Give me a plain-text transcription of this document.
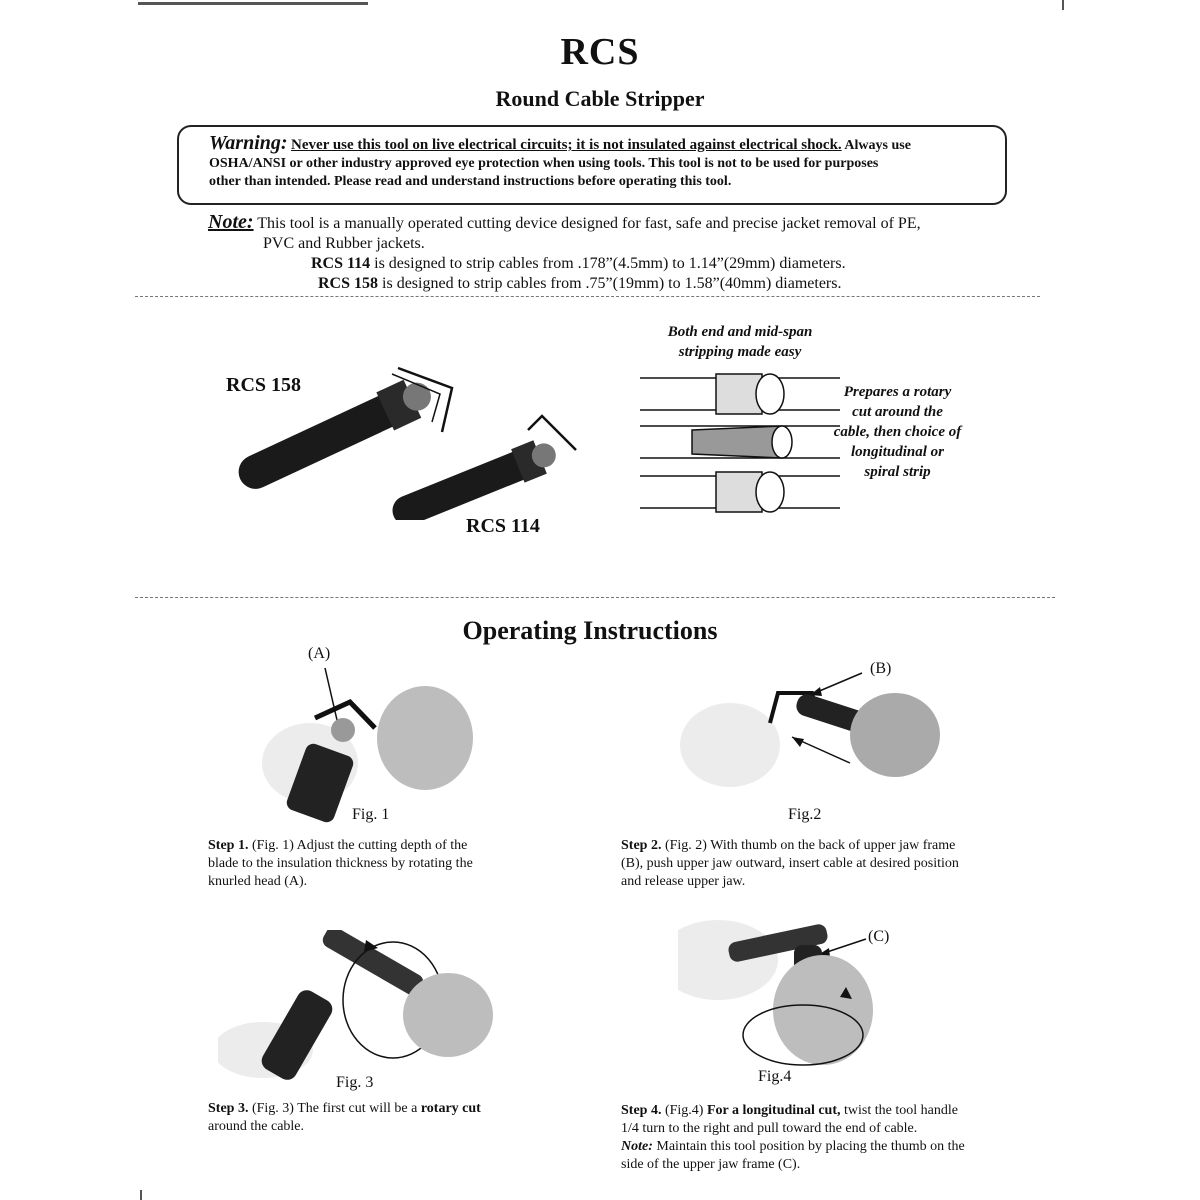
RCS
Round Cable Stripper
Warning: Never use this tool on live electrical circuits; it is not insulated against electrical shock. Always use
OSHA/ANSI or other industry approved eye protection when using tools. This tool is not to be used for purposes
other than intended. Please read and understand instructions before operating this tool.
Note: This tool is a manually operated cutting device designed for fast, safe and precise jacket removal of PE,
PVC and Rubber jackets.
RCS 114 is designed to strip cables from .178”(4.5mm) to 1.14”(29mm) diameters.
RCS 158 is designed to strip cables from .75”(19mm) to 1.58”(40mm) diameters.
RCS 158
RCS 114
Both end and mid-span
stripping made easy
Prepares a rotary
cut around the
cable, then choice of
longitudinal or
spiral strip
Operating Instructions
(A)
Fig. 1
(B)
Fig.2
Step 1. (Fig. 1) Adjust the cutting depth of the
blade to the insulation thickness by rotating the
knurled head (A).
Step 2. (Fig. 2) With thumb on the back of upper jaw frame
(B), push upper jaw outward, insert cable at desired position
and release upper jaw.
Fig. 3
(C)
Fig.4
Step 3. (Fig. 3) The first cut will be a rotary cut
around the cable.
Step 4. (Fig.4) For a longitudinal cut, twist the tool handle
1/4 turn to the right and pull toward the end of cable.
Note: Maintain this tool position by placing the thumb on the
side of the upper jaw frame (C).
